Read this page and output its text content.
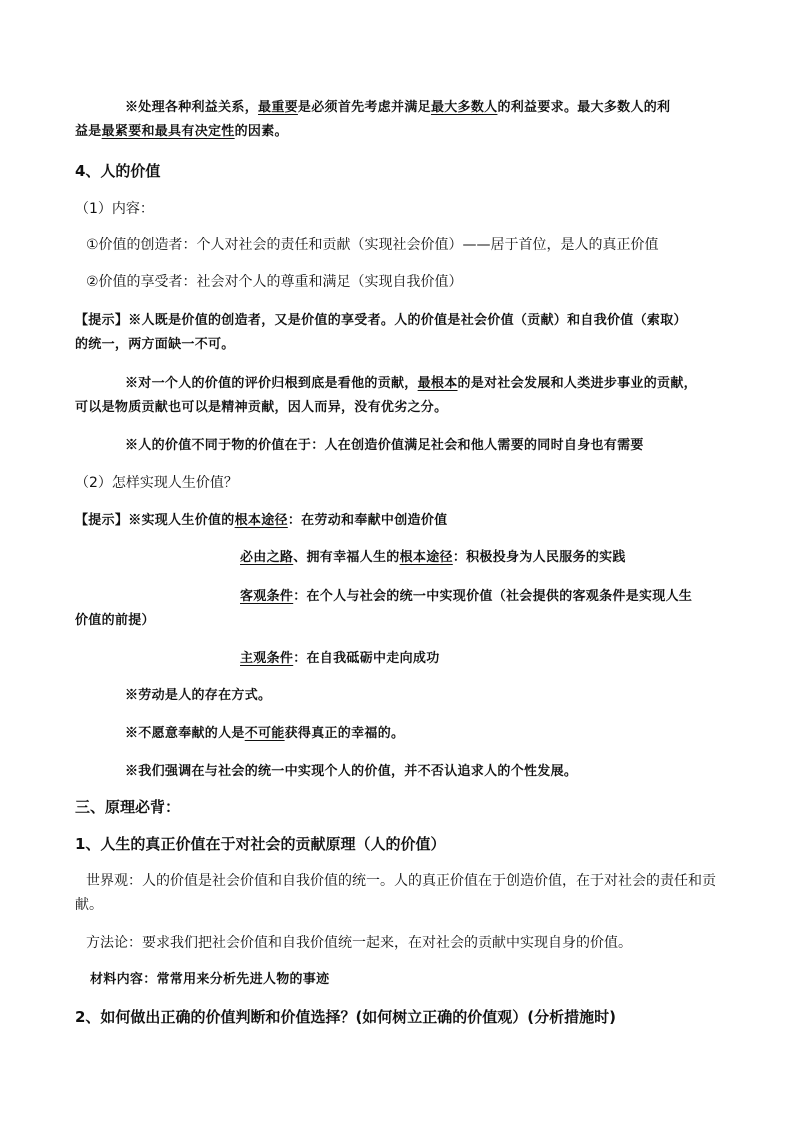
※处理各种利益关系，最重要是必须首先考虑并满足最大多数人的利益要求。最大多数人的利
益是最紧要和最具有决定性的因素。
4、人的价值
（1）内容：
①价值的创造者：个人对社会的责任和贡献（实现社会价值）——居于首位，是人的真正价值
②价值的享受者：社会对个人的尊重和满足（实现自我价值）
【提示】※人既是价值的创造者，又是价值的享受者。人的价值是社会价值（贡献）和自我价值（索取）
的统一，两方面缺一不可。
※对一个人的价值的评价归根到底是看他的贡献，最根本的是对社会发展和人类进步事业的贡献，
可以是物质贡献也可以是精神贡献，因人而异，没有优劣之分。
※人的价值不同于物的价值在于：人在创造价值满足社会和他人需要的同时自身也有需要
（2）怎样实现人生价值？
【提示】※实现人生价值的根本途径：在劳动和奉献中创造价值
必由之路、拥有幸福人生的根本途径：积极投身为人民服务的实践
客观条件：在个人与社会的统一中实现价值（社会提供的客观条件是实现人生
价值的前提）
主观条件：在自我砥砺中走向成功
※劳动是人的存在方式。
※不愿意奉献的人是不可能获得真正的幸福的。
※我们强调在与社会的统一中实现个人的价值，并不否认追求人的个性发展。
三、原理必背：
1、人生的真正价值在于对社会的贡献原理（人的价值）
世界观：人的价值是社会价值和自我价值的统一。人的真正价值在于创造价值，在于对社会的责任和贡
献。
方法论：要求我们把社会价值和自我价值统一起来，在对社会的贡献中实现自身的价值。
材料内容：常常用来分析先进人物的事迹
2、如何做出正确的价值判断和价值选择？(如何树立正确的价值观）(分析措施时)
